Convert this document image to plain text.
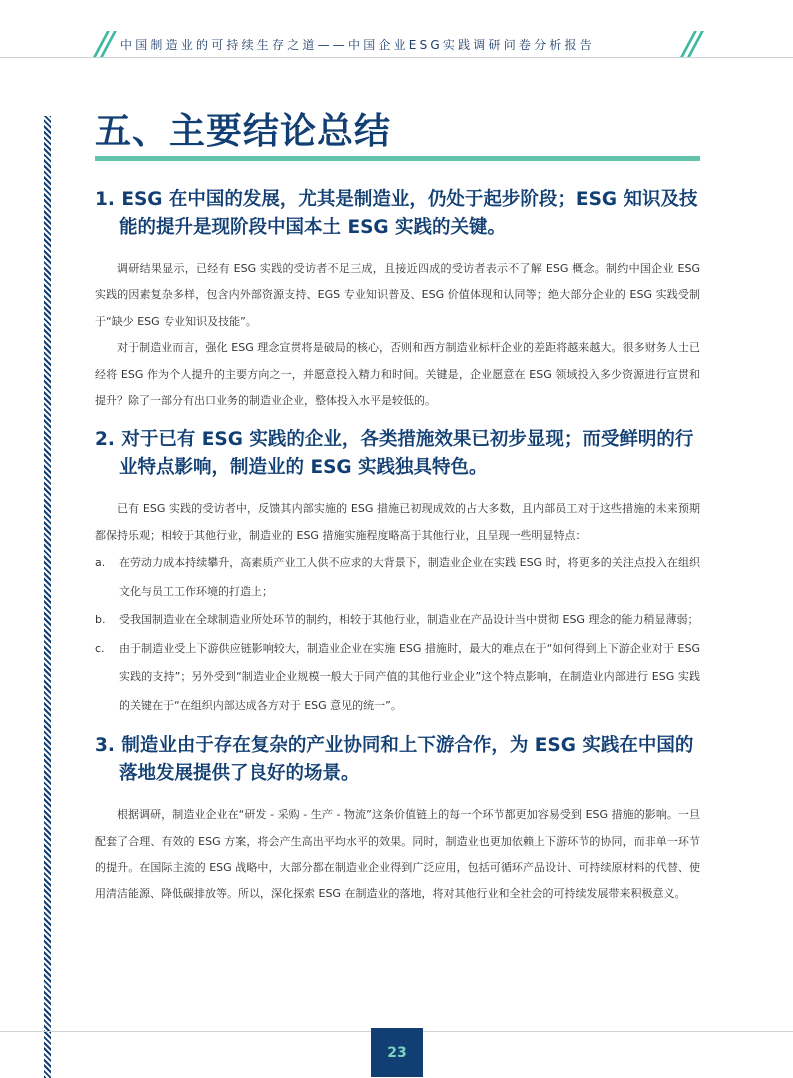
中国制造业的可持续生存之道——中国企业ESG实践调研问卷分析报告
五、主要结论总结
1. ESG 在中国的发展，尤其是制造业，仍处于起步阶段；ESG 知识及技能的提升是现阶段中国本土 ESG 实践的关键。

调研结果显示，已经有 ESG 实践的受访者不足三成，且接近四成的受访者表示不了解 ESG 概念。制约中国企业 ESG 实践的因素复杂多样，包含内外部资源支持、EGS 专业知识普及、ESG 价值体现和认同等；绝大部分企业的 ESG 实践受制于“缺少 ESG 专业知识及技能”。

对于制造业而言，强化 ESG 理念宣贯将是破局的核心，否则和西方制造业标杆企业的差距将越来越大。很多财务人士已经将 ESG 作为个人提升的主要方向之一，并愿意投入精力和时间。关键是，企业愿意在 ESG 领域投入多少资源进行宣贯和提升？除了一部分有出口业务的制造业企业，整体投入水平是较低的。

2. 对于已有 ESG 实践的企业，各类措施效果已初步显现；而受鲜明的行业特点影响，制造业的 ESG 实践独具特色。

已有 ESG 实践的受访者中，反馈其内部实施的 ESG 措施已初现成效的占大多数，且内部员工对于这些措施的未来预期都保持乐观；相较于其他行业，制造业的 ESG 措施实施程度略高于其他行业，且呈现一些明显特点：

a.	在劳动力成本持续攀升，高素质产业工人供不应求的大背景下，制造业企业在实践 ESG 时，将更多的关注点投入在组织文化与员工工作环境的打造上；
b.	受我国制造业在全球制造业所处环节的制约，相较于其他行业，制造业在产品设计当中贯彻 ESG 理念的能力稍显薄弱；
c.	由于制造业受上下游供应链影响较大，制造业企业在实施 ESG 措施时，最大的难点在于“如何得到上下游企业对于 ESG 实践的支持”；另外受到“制造业企业规模一般大于同产值的其他行业企业”这个特点影响，在制造业内部进行 ESG 实践的关键在于“在组织内部达成各方对于 ESG 意见的统一”。
3. 制造业由于存在复杂的产业协同和上下游合作，为 ESG 实践在中国的落地发展提供了良好的场景。

根据调研，制造业企业在“研发 - 采购 - 生产 - 物流”这条价值链上的每一个环节都更加容易受到 ESG 措施的影响。一旦配套了合理、有效的 ESG 方案，将会产生高出平均水平的效果。同时，制造业也更加依赖上下游环节的协同，而非单一环节的提升。在国际主流的 ESG 战略中，大部分都在制造业企业得到广泛应用，包括可循环产品设计、可持续原材料的代替、使用清洁能源、降低碳排放等。所以，深化探索 ESG 在制造业的落地，将对其他行业和全社会的可持续发展带来积极意义。

23
